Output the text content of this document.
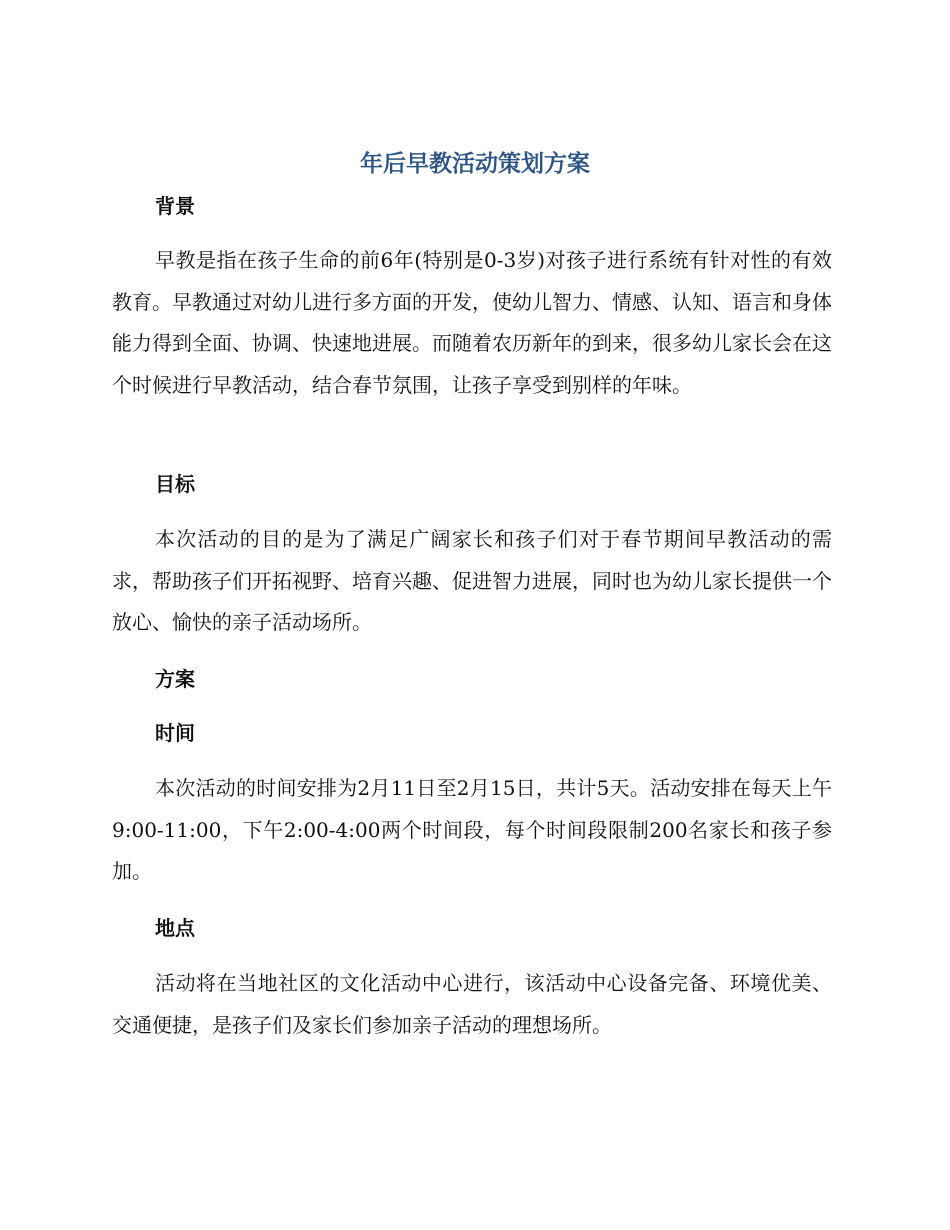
年后早教活动策划方案
背景

早教是指在孩子生命的前6年(特别是0-3岁)对孩子进行系统有针对性的有效教育。早教通过对幼儿进行多方面的开发，使幼儿智力、情感、认知、语言和身体能力得到全面、协调、快速地进展。而随着农历新年的到来，很多幼儿家长会在这个时候进行早教活动，结合春节氛围，让孩子享受到别样的年味。

目标

本次活动的目的是为了满足广阔家长和孩子们对于春节期间早教活动的需求，帮助孩子们开拓视野、培育兴趣、促进智力进展，同时也为幼儿家长提供一个放心、愉快的亲子活动场所。

方案
时间

本次活动的时间安排为2月11日至2月15日，共计5天。活动安排在每天上午9:00-11:00，下午2:00-4:00两个时间段，每个时间段限制200名家长和孩子参加。

地点

活动将在当地社区的文化活动中心进行，该活动中心设备完备、环境优美、交通便捷，是孩子们及家长们参加亲子活动的理想场所。
